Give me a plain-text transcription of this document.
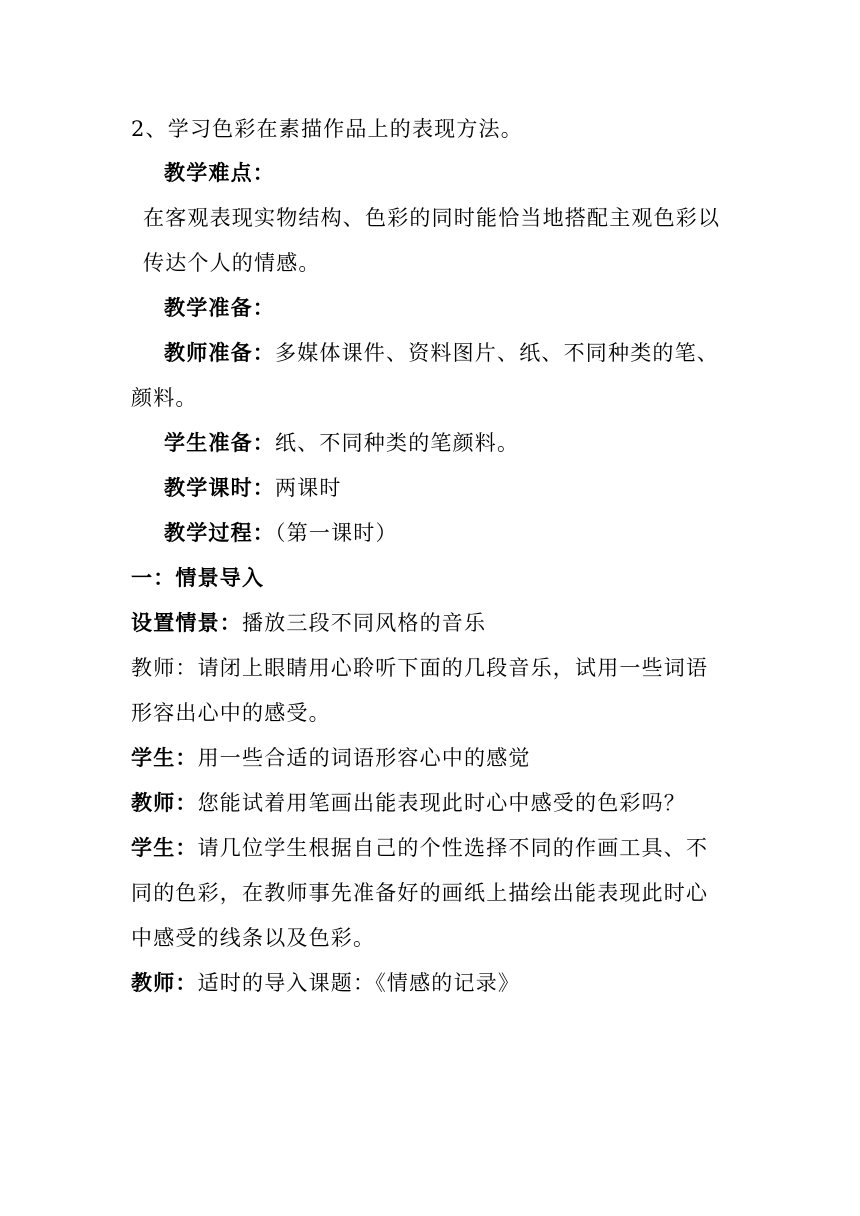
2、学习色彩在素描作品上的表现方法。
教学难点：
在客观表现实物结构、色彩的同时能恰当地搭配主观色彩以
传达个人的情感。
教学准备：
教师准备：多媒体课件、资料图片、纸、不同种类的笔、
颜料。
学生准备：纸、不同种类的笔颜料。
教学课时：两课时
教学过程：（第一课时）
一：情景导入
设置情景：播放三段不同风格的音乐
教师：请闭上眼睛用心聆听下面的几段音乐，试用一些词语
形容出心中的感受。
学生：用一些合适的词语形容心中的感觉
教师：您能试着用笔画出能表现此时心中感受的色彩吗？
学生：请几位学生根据自己的个性选择不同的作画工具、不
同的色彩，在教师事先准备好的画纸上描绘出能表现此时心
中感受的线条以及色彩。
教师：适时的导入课题：《情感的记录》
